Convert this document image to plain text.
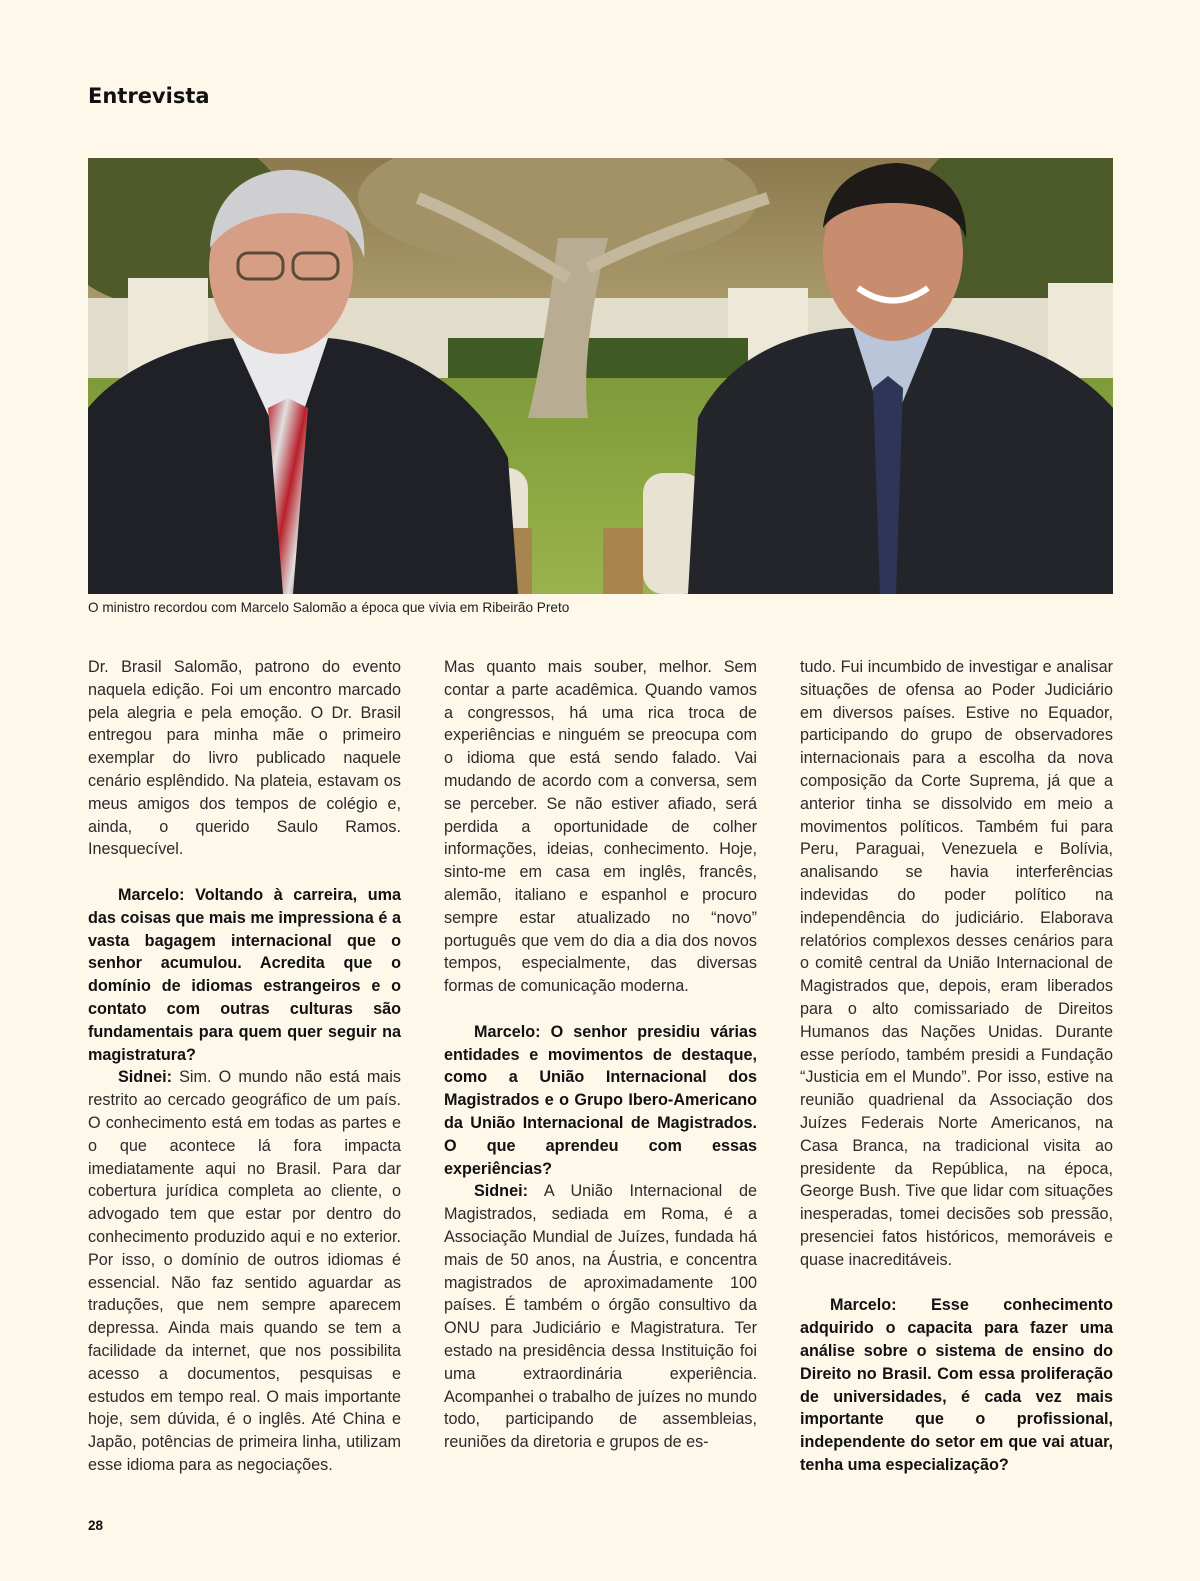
Entrevista
O ministro recordou com Marcelo Salomão a época que vivia em Ribeirão Preto

Dr. Brasil Salomão, patrono do evento naquela edição. Foi um encontro marcado pela alegria e pela emoção. O Dr. Brasil entregou para minha mãe o primeiro exemplar do livro publicado naquele cenário esplêndido. Na plateia, estavam os meus amigos dos tempos de colégio e, ainda, o querido Saulo Ramos. Inesquecível.

Marcelo: Voltando à carreira, uma das coisas que mais me impressiona é a vasta bagagem internacional que o senhor acumulou. Acredita que o domínio de idiomas estrangeiros e o contato com outras culturas são fundamentais para quem quer seguir na magistratura?

Sidnei: Sim. O mundo não está mais restrito ao cercado geográfico de um país. O conhecimento está em todas as partes e o que acontece lá fora impacta imediatamente aqui no Brasil. Para dar cobertura jurídica completa ao cliente, o advogado tem que estar por dentro do conhecimento produzido aqui e no exterior. Por isso, o domínio de outros idiomas é essencial. Não faz sentido aguardar as traduções, que nem sempre aparecem depressa. Ainda mais quando se tem a facilidade da internet, que nos possibilita acesso a documentos, pesquisas e estudos em tempo real. O mais importante hoje, sem dúvida, é o inglês. Até China e Japão, potências de primeira linha, utilizam esse idioma para as negociações.

Mas quanto mais souber, melhor. Sem contar a parte acadêmica. Quando vamos a congressos, há uma rica troca de experiências e ninguém se preocupa com o idioma que está sendo falado. Vai mudando de acordo com a conversa, sem se perceber. Se não estiver afiado, será perdida a oportunidade de colher informações, ideias, conhecimento. Hoje, sinto-me em casa em inglês, francês, alemão, italiano e espanhol e procuro sempre estar atualizado no “novo” português que vem do dia a dia dos novos tempos, especialmente, das diversas formas de comunicação moderna.

Marcelo: O senhor presidiu várias entidades e movimentos de destaque, como a União Internacional dos Magistrados e o Grupo Ibero-Americano da União Internacional de Magistrados. O que aprendeu com essas experiências?

Sidnei: A União Internacional de Magistrados, sediada em Roma, é a Associação Mundial de Juízes, fundada há mais de 50 anos, na Áustria, e concentra magistrados de aproximadamente 100 países. É também o órgão consultivo da ONU para Judiciário e Magistratura. Ter estado na presidência dessa Instituição foi uma extraordinária experiência. Acompanhei o trabalho de juízes no mundo todo, participando de assembleias, reuniões da diretoria e grupos de es-

tudo. Fui incumbido de investigar e analisar situações de ofensa ao Poder Judiciário em diversos países. Estive no Equador, participando do grupo de observadores internacionais para a escolha da nova composição da Corte Suprema, já que a anterior tinha se dissolvido em meio a movimentos políticos. Também fui para Peru, Paraguai, Venezuela e Bolívia, analisando se havia interferências indevidas do poder político na independência do judiciário. Elaborava relatórios complexos desses cenários para o comitê central da União Internacional de Magistrados que, depois, eram liberados para o alto comissariado de Direitos Humanos das Nações Unidas. Durante esse período, também presidi a Fundação “Justicia em el Mundo”. Por isso, estive na reunião quadrienal da Associação dos Juízes Federais Norte Americanos, na Casa Branca, na tradicional visita ao presidente da República, na época, George Bush. Tive que lidar com situações inesperadas, tomei decisões sob pressão, presenciei fatos históricos, memoráveis e quase inacreditáveis.

Marcelo: Esse conhecimento adquirido o capacita para fazer uma análise sobre o sistema de ensino do Direito no Brasil. Com essa proliferação de universidades, é cada vez mais importante que o profissional, independente do setor em que vai atuar, tenha uma especialização?

28
